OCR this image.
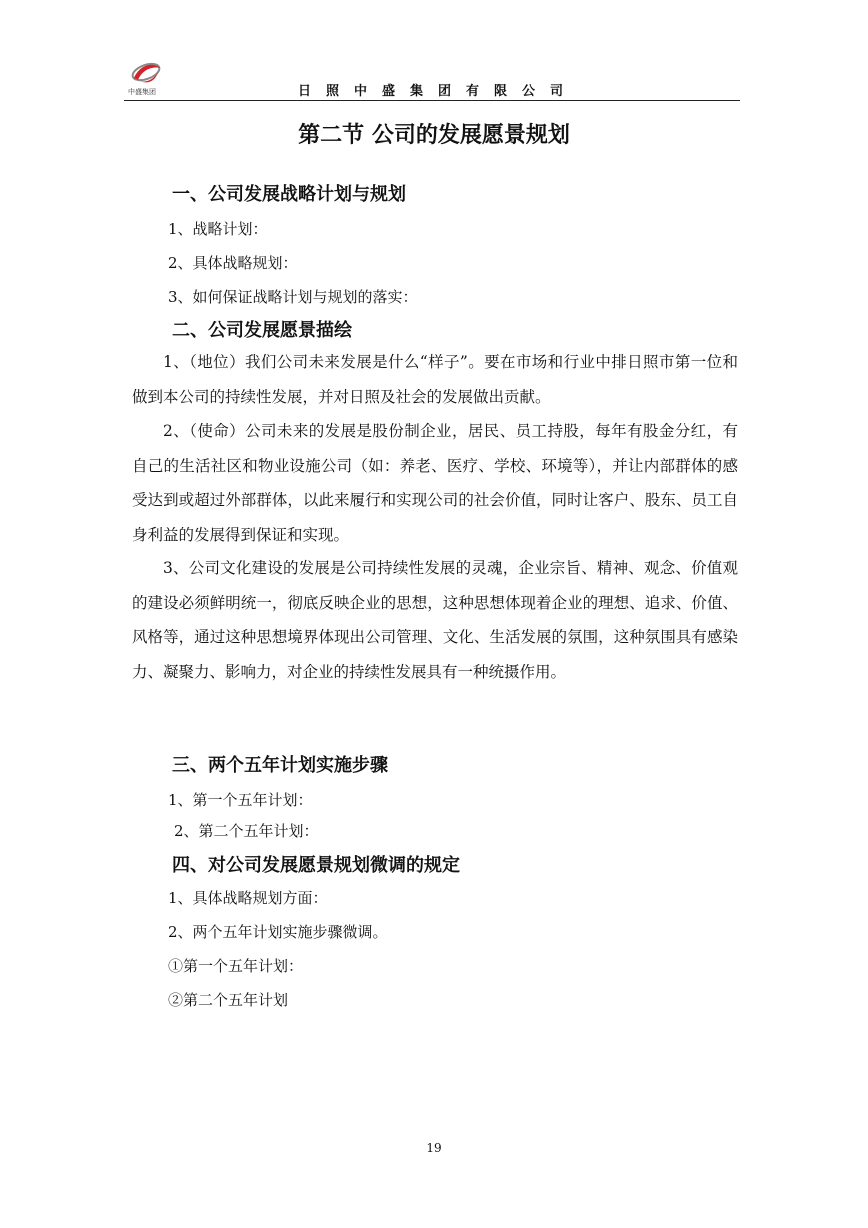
中盛集团	日照中盛集团有限公司
第二节 公司的发展愿景规划
一、公司发展战略计划与规划
1、战略计划：
2、具体战略规划：
3、如何保证战略计划与规划的落实：
二、公司发展愿景描绘
1、（地位）我们公司未来发展是什么“样子”。要在市场和行业中排日照市第一位和做到本公司的持续性发展，并对日照及社会的发展做出贡献。
2、（使命）公司未来的发展是股份制企业，居民、员工持股，每年有股金分红，有自己的生活社区和物业设施公司（如：养老、医疗、学校、环境等），并让内部群体的感受达到或超过外部群体，以此来履行和实现公司的社会价值，同时让客户、股东、员工自身利益的发展得到保证和实现。
3、公司文化建设的发展是公司持续性发展的灵魂，企业宗旨、精神、观念、价值观的建设必须鲜明统一，彻底反映企业的思想，这种思想体现着企业的理想、追求、价值、风格等，通过这种思想境界体现出公司管理、文化、生活发展的氛围，这种氛围具有感染力、凝聚力、影响力，对企业的持续性发展具有一种统摄作用。
三、两个五年计划实施步骤
1、第一个五年计划：
2、第二个五年计划：
四、对公司发展愿景规划微调的规定
1、具体战略规划方面：
2、两个五年计划实施步骤微调。
①第一个五年计划：
②第二个五年计划
19
